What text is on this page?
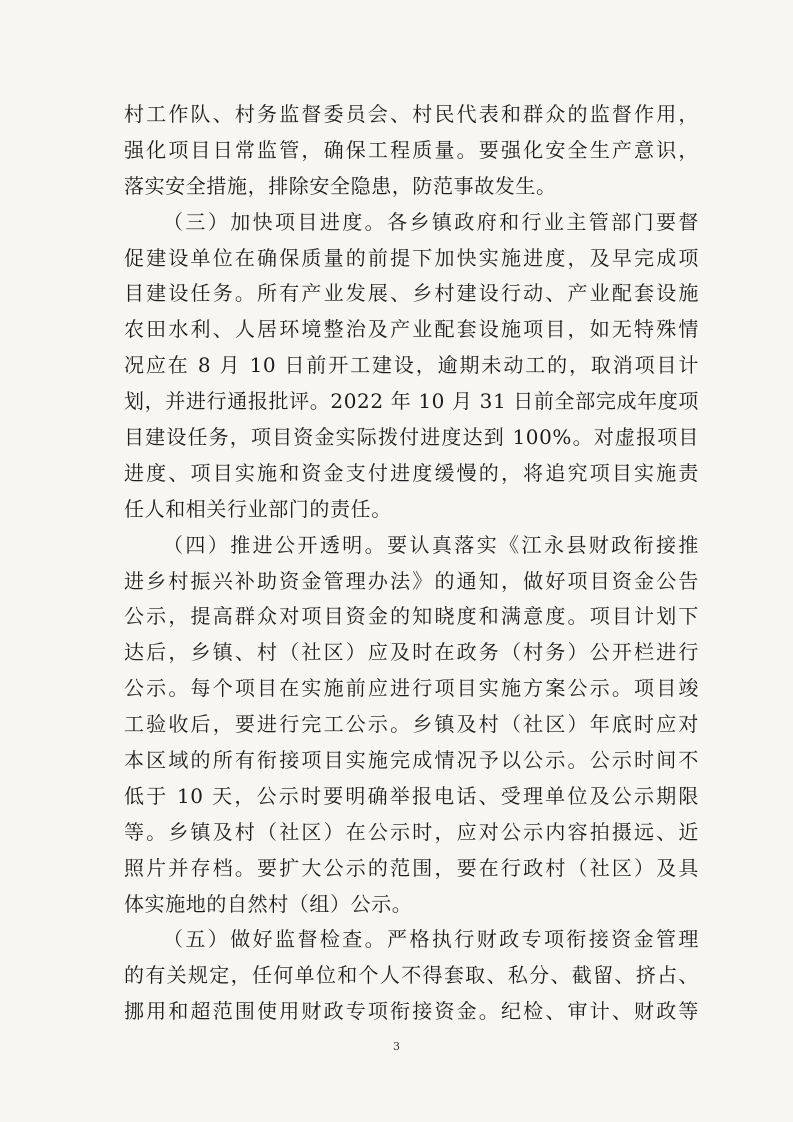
村工作队、村务监督委员会、村民代表和群众的监督作用，
强化项目日常监管，确保工程质量。要强化安全生产意识，
落实安全措施，排除安全隐患，防范事故发生。
（三）加快项目进度。各乡镇政府和行业主管部门要督
促建设单位在确保质量的前提下加快实施进度，及早完成项
目建设任务。所有产业发展、乡村建设行动、产业配套设施
农田水利、人居环境整治及产业配套设施项目，如无特殊情
况应在 8 月 10 日前开工建设，逾期未动工的，取消项目计
划，并进行通报批评。2022 年 10 月 31 日前全部完成年度项
目建设任务，项目资金实际拨付进度达到 100%。对虚报项目
进度、项目实施和资金支付进度缓慢的，将追究项目实施责
任人和相关行业部门的责任。
（四）推进公开透明。要认真落实《江永县财政衔接推
进乡村振兴补助资金管理办法》的通知，做好项目资金公告
公示，提高群众对项目资金的知晓度和满意度。项目计划下
达后，乡镇、村（社区）应及时在政务（村务）公开栏进行
公示。每个项目在实施前应进行项目实施方案公示。项目竣
工验收后，要进行完工公示。乡镇及村（社区）年底时应对
本区域的所有衔接项目实施完成情况予以公示。公示时间不
低于 10 天，公示时要明确举报电话、受理单位及公示期限
等。乡镇及村（社区）在公示时，应对公示内容拍摄远、近
照片并存档。要扩大公示的范围，要在行政村（社区）及具
体实施地的自然村（组）公示。
（五）做好监督检查。严格执行财政专项衔接资金管理
的有关规定，任何单位和个人不得套取、私分、截留、挤占、
挪用和超范围使用财政专项衔接资金。纪检、审计、财政等
3
